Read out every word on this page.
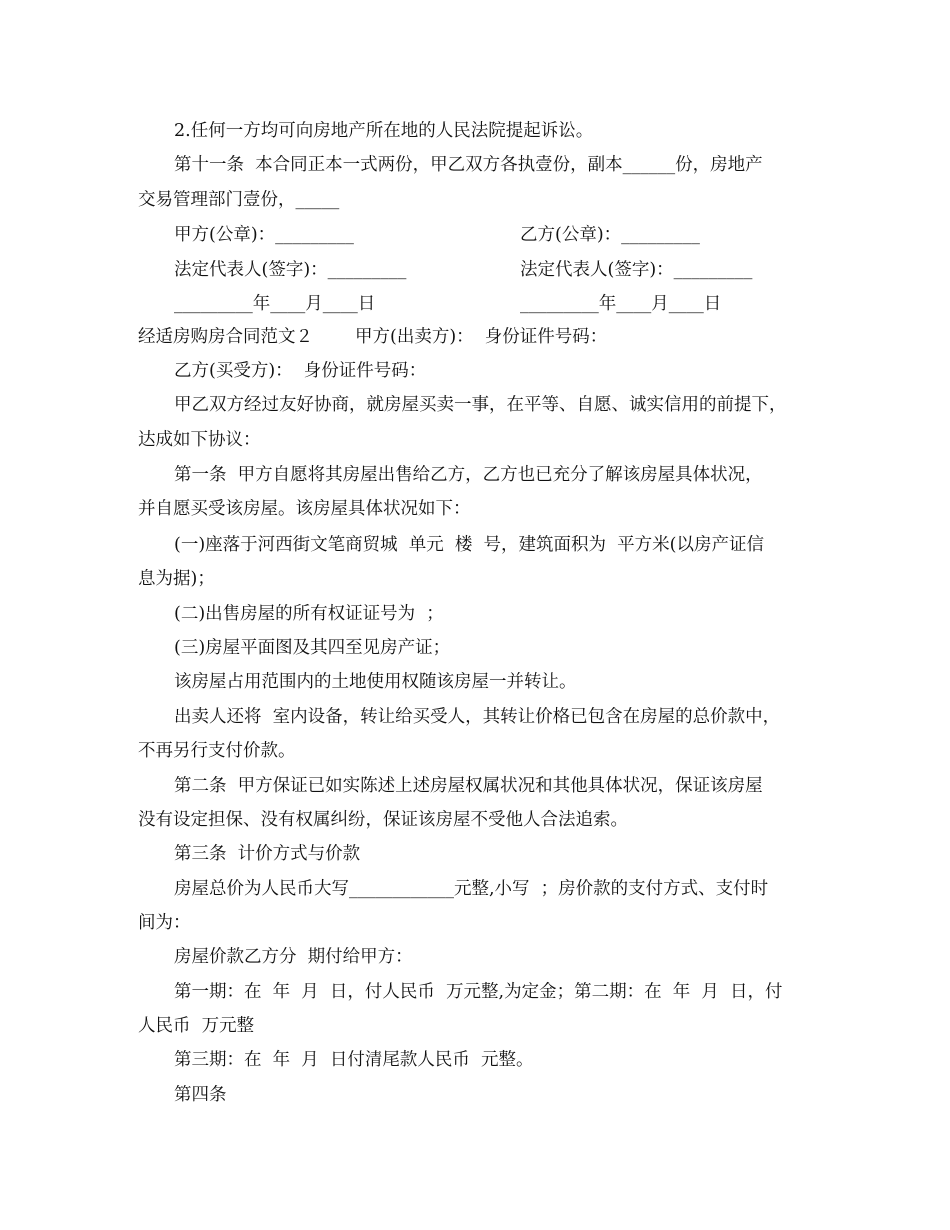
2.任何一方均可向房地产所在地的人民法院提起诉讼。
第十一条  本合同正本一式两份，甲乙双方各执壹份，副本______份，房地产
交易管理部门壹份，_____
甲方(公章)：_________	乙方(公章)：_________
法定代表人(签字)：_________	法定代表人(签字)：_________
_________年____月____日	_________年____月____日
经适房购房合同范文２ 甲方(出卖方)：  身份证件号码：
乙方(买受方)：  身份证件号码：
甲乙双方经过友好协商，就房屋买卖一事，在平等、自愿、诚实信用的前提下，
达成如下协议：
第一条  甲方自愿将其房屋出售给乙方，乙方也已充分了解该房屋具体状况，
并自愿买受该房屋。该房屋具体状况如下：
(一)座落于河西街文笔商贸城  单元  楼  号，建筑面积为  平方米(以房产证信
息为据)；
(二)出售房屋的所有权证证号为  ；
(三)房屋平面图及其四至见房产证；
该房屋占用范围内的土地使用权随该房屋一并转让。
出卖人还将  室内设备，转让给买受人，其转让价格已包含在房屋的总价款中，
不再另行支付价款。
第二条  甲方保证已如实陈述上述房屋权属状况和其他具体状况，保证该房屋
没有设定担保、没有权属纠纷，保证该房屋不受他人合法追索。
第三条  计价方式与价款
房屋总价为人民币大写____________元整,小写  ；房价款的支付方式、支付时
间为：
房屋价款乙方分  期付给甲方：
第一期：在  年  月  日，付人民币  万元整,为定金；第二期：在  年  月  日，付
人民币  万元整
第三期：在  年  月  日付清尾款人民币  元整。
第四条
